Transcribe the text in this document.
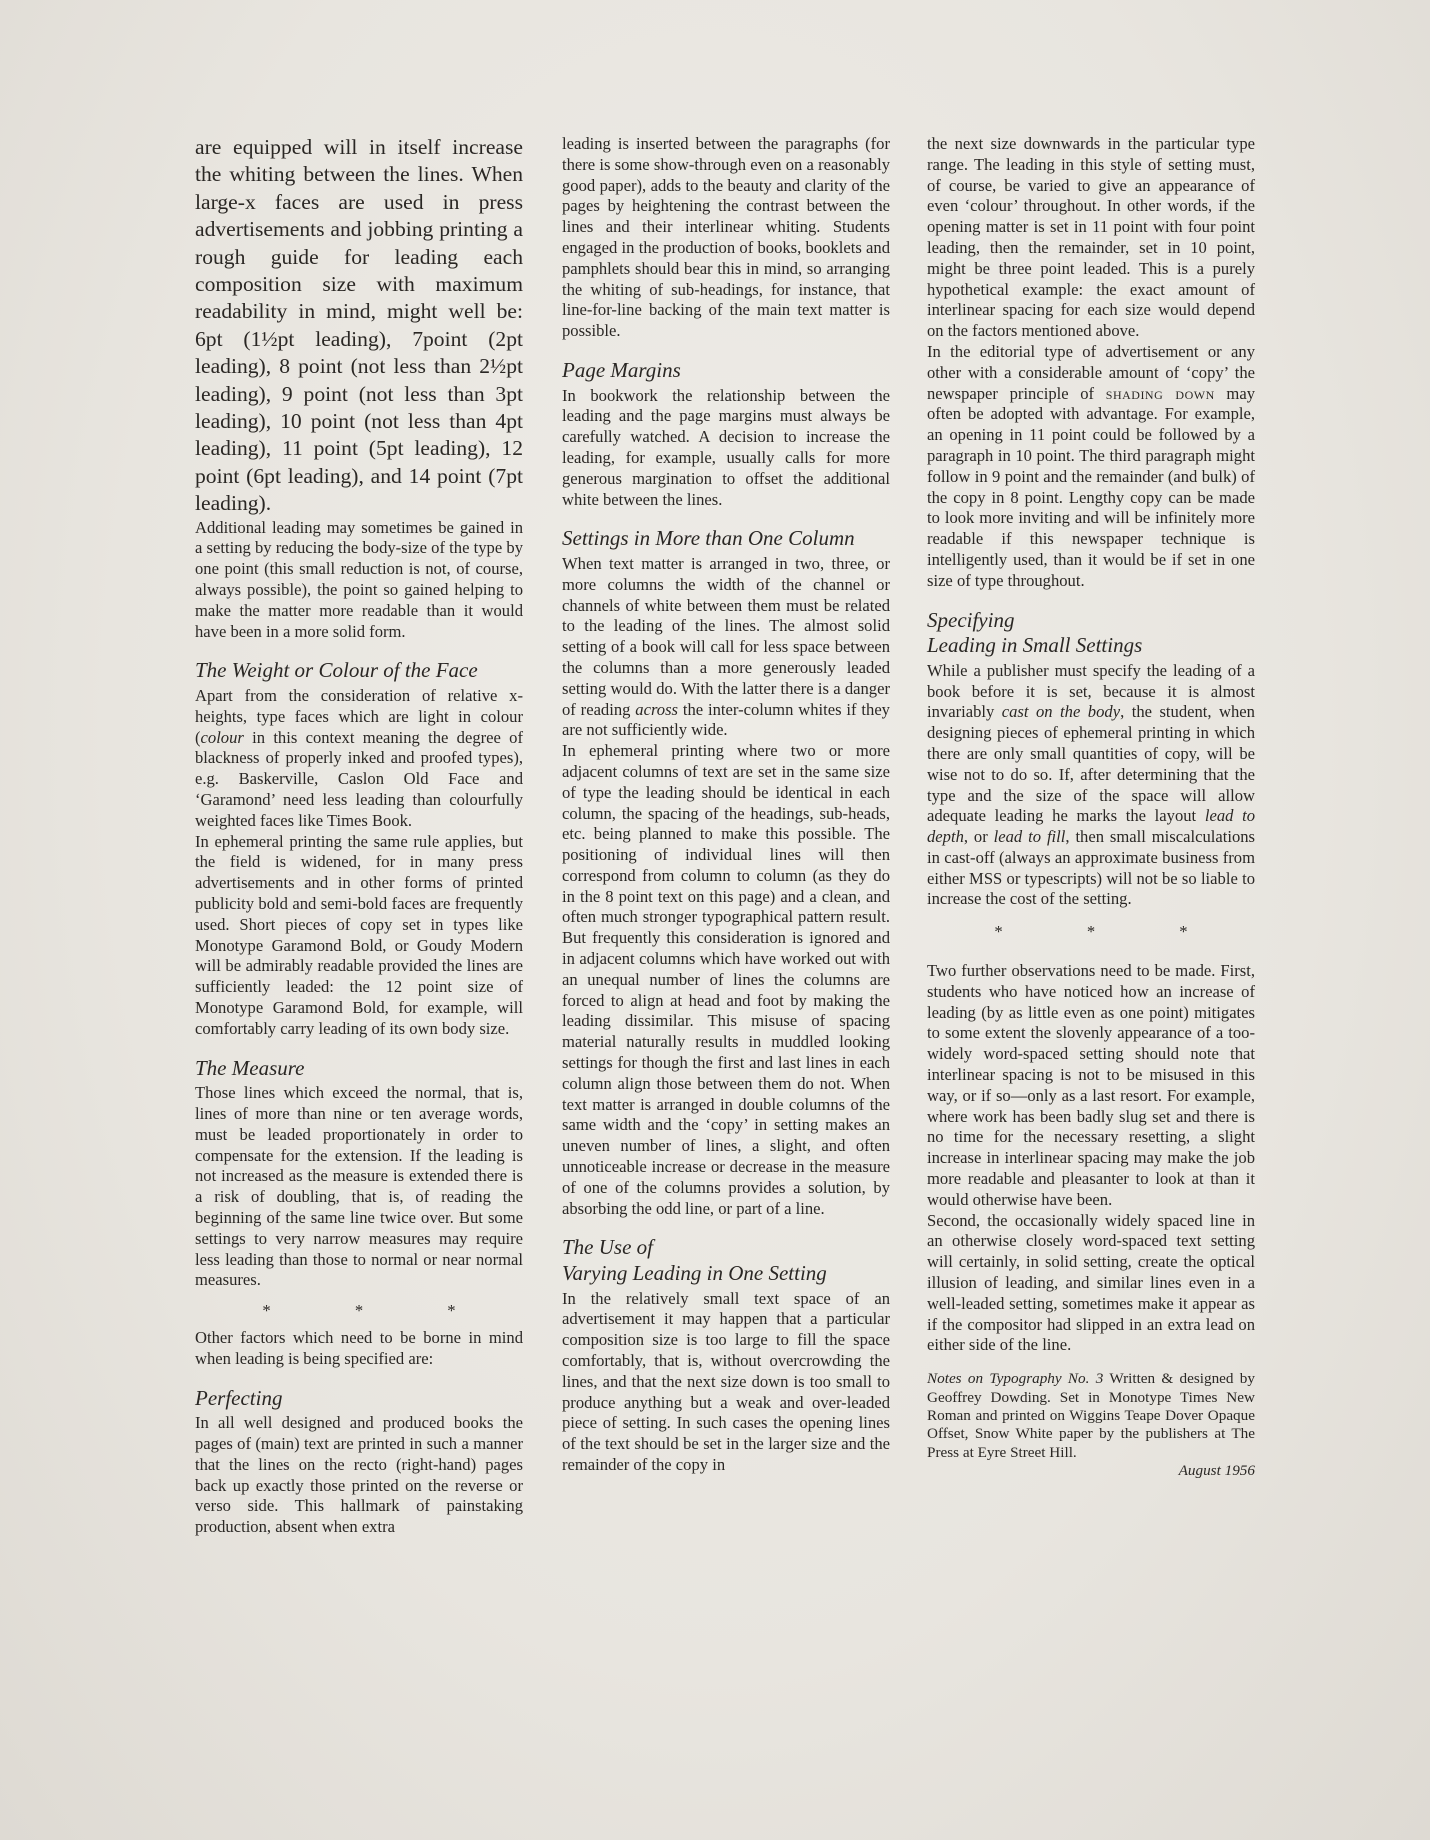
are equipped will in itself increase the whiting between the lines. When large-x faces are used in press advertisements and jobbing printing a rough guide for leading each composition size with maximum readability in mind, might well be: 6pt (1½pt leading), 7point (2pt leading), 8 point (not less than 2½pt leading), 9 point (not less than 3pt leading), 10 point (not less than 4pt leading), 11 point (5pt leading), 12 point (6pt leading), and 14 point (7pt leading).

Additional leading may sometimes be gained in a setting by reducing the body-size of the type by one point (this small reduction is not, of course, always possible), the point so gained helping to make the matter more readable than it would have been in a more solid form.

The Weight or Colour of the Face

Apart from the consideration of relative x-heights, type faces which are light in colour (colour in this context meaning the degree of blackness of properly inked and proofed types), e.g. Baskerville, Caslon Old Face and ‘Garamond’ need less leading than colourfully weighted faces like Times Book.

In ephemeral printing the same rule applies, but the field is widened, for in many press advertisements and in other forms of printed publicity bold and semi-bold faces are frequently used. Short pieces of copy set in types like Monotype Garamond Bold, or Goudy Modern will be admirably readable provided the lines are sufficiently leaded: the 12 point size of Monotype Garamond Bold, for example, will comfortably carry leading of its own body size.

The Measure

Those lines which exceed the normal, that is, lines of more than nine or ten average words, must be leaded proportionately in order to compensate for the extension. If the leading is not increased as the measure is extended there is a risk of doubling, that is, of reading the beginning of the same line twice over. But some settings to very narrow measures may require less leading than those to normal or near normal measures.

* * *

Other factors which need to be borne in mind when leading is being specified are:

Perfecting

In all well designed and produced books the pages of (main) text are printed in such a manner that the lines on the recto (right-hand) pages back up exactly those printed on the reverse or verso side. This hallmark of painstaking production, absent when extra

leading is inserted between the paragraphs (for there is some show-through even on a reasonably good paper), adds to the beauty and clarity of the pages by heightening the contrast between the lines and their interlinear whiting. Students engaged in the production of books, booklets and pamphlets should bear this in mind, so arranging the whiting of sub-headings, for instance, that line-for-line backing of the main text matter is possible.

Page Margins

In bookwork the relationship between the leading and the page margins must always be carefully watched. A decision to increase the leading, for example, usually calls for more generous margination to offset the additional white between the lines.

Settings in More than One Column

When text matter is arranged in two, three, or more columns the width of the channel or channels of white between them must be related to the leading of the lines. The almost solid setting of a book will call for less space between the columns than a more generously leaded setting would do. With the latter there is a danger of reading across the inter-column whites if they are not sufficiently wide.

In ephemeral printing where two or more adjacent columns of text are set in the same size of type the leading should be identical in each column, the spacing of the headings, sub-heads, etc. being planned to make this possible. The positioning of individual lines will then correspond from column to column (as they do in the 8 point text on this page) and a clean, and often much stronger typographical pattern result. But frequently this consideration is ignored and in adjacent columns which have worked out with an unequal number of lines the columns are forced to align at head and foot by making the leading dissimilar. This misuse of spacing material naturally results in muddled looking settings for though the first and last lines in each column align those between them do not. When text matter is arranged in double columns of the same width and the ‘copy’ in setting makes an uneven number of lines, a slight, and often unnoticeable increase or decrease in the measure of one of the columns provides a solution, by absorbing the odd line, or part of a line.

The Use of
Varying Leading in One Setting

In the relatively small text space of an advertisement it may happen that a particular composition size is too large to fill the space comfortably, that is, without overcrowding the lines, and that the next size down is too small to produce anything but a weak and over-leaded piece of setting. In such cases the opening lines of the text should be set in the larger size and the remainder of the copy in

the next size downwards in the particular type range. The leading in this style of setting must, of course, be varied to give an appearance of even ‘colour’ throughout. In other words, if the opening matter is set in 11 point with four point leading, then the remainder, set in 10 point, might be three point leaded. This is a purely hypothetical example: the exact amount of interlinear spacing for each size would depend on the factors mentioned above.

In the editorial type of advertisement or any other with a considerable amount of ‘copy’ the newspaper principle of shading down may often be adopted with advantage. For example, an opening in 11 point could be followed by a paragraph in 10 point. The third paragraph might follow in 9 point and the remainder (and bulk) of the copy in 8 point. Lengthy copy can be made to look more inviting and will be infinitely more readable if this newspaper technique is intelligently used, than it would be if set in one size of type throughout.

Specifying
Leading in Small Settings

While a publisher must specify the leading of a book before it is set, because it is almost invariably cast on the body, the student, when designing pieces of ephemeral printing in which there are only small quantities of copy, will be wise not to do so. If, after determining that the type and the size of the space will allow adequate leading he marks the layout lead to depth, or lead to fill, then small miscalculations in cast-off (always an approximate business from either MSS or typescripts) will not be so liable to increase the cost of the setting.

* * *

Two further observations need to be made. First, students who have noticed how an increase of leading (by as little even as one point) mitigates to some extent the slovenly appearance of a too-widely word-spaced setting should note that interlinear spacing is not to be misused in this way, or if so—only as a last resort. For example, where work has been badly slug set and there is no time for the necessary resetting, a slight increase in interlinear spacing may make the job more readable and pleasanter to look at than it would otherwise have been.

Second, the occasionally widely spaced line in an otherwise closely word-spaced text setting will certainly, in solid setting, create the optical illusion of leading, and similar lines even in a well-leaded setting, sometimes make it appear as if the compositor had slipped in an extra lead on either side of the line.

Notes on Typography No. 3 Written & designed by Geoffrey Dowding. Set in Monotype Times New Roman and printed on Wiggins Teape Dover Opaque Offset, Snow White paper by the publishers at The Press at Eyre Street Hill.

August 1956
